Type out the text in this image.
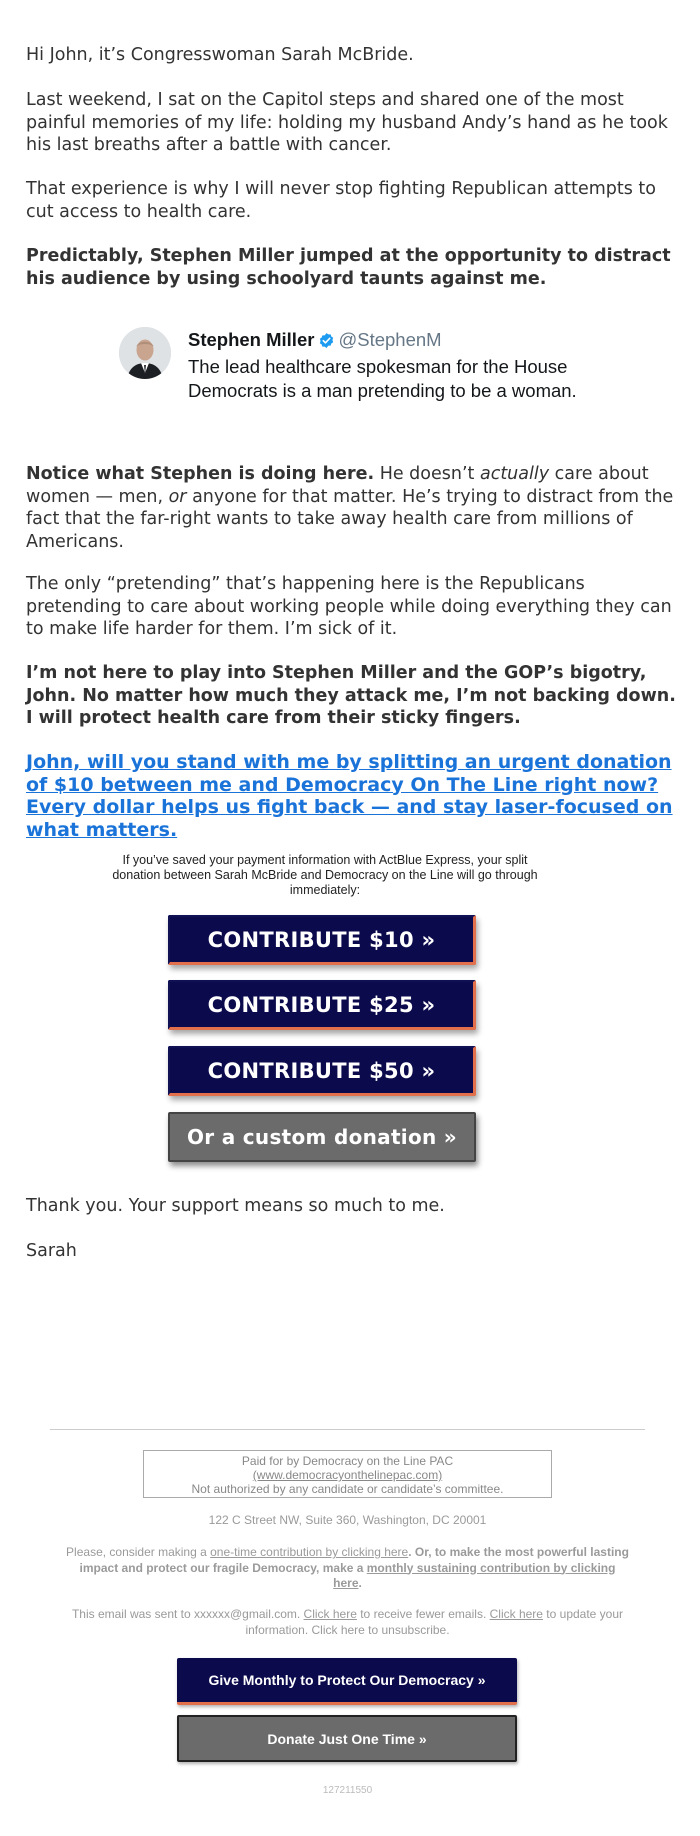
Hi John, it’s Congresswoman Sarah McBride.

Last weekend, I sat on the Capitol steps and shared one of the most painful memories of my life: holding my husband Andy’s hand as he took his last breaths after a battle with cancer.

That experience is why I will never stop fighting Republican attempts to cut access to health care.

Predictably, Stephen Miller jumped at the opportunity to distract his audience by using schoolyard taunts against me.

Stephen Miller @StephenM
The lead healthcare spokesman for the House Democrats is a man pretending to be a woman.

Notice what Stephen is doing here. He doesn’t actually care about women — men, or anyone for that matter. He’s trying to distract from the fact that the far-right wants to take away health care from millions of Americans.

The only “pretending” that’s happening here is the Republicans pretending to care about working people while doing everything they can to make life harder for them. I’m sick of it.

I’m not here to play into Stephen Miller and the GOP’s bigotry, John. No matter how much they attack me, I’m not backing down. I will protect health care from their sticky fingers.

John, will you stand with me by splitting an urgent donation of $10 between me and Democracy On The Line right now? Every dollar helps us fight back — and stay laser-focused on what matters.

Thank you. Your support means so much to me.

Sarah

If you’ve saved your payment information with ActBlue Express, your split donation between Sarah McBride and Democracy on the Line will go through immediately:
CONTRIBUTE $10 »
CONTRIBUTE $25 »
CONTRIBUTE $50 »
Or a custom donation »
Paid for by Democracy on the Line PAC
(www.democracyonthelinepac.com)
Not authorized by any candidate or candidate’s committee.
122 C Street NW, Suite 360, Washington, DC 20001
Please, consider making a one-time contribution by clicking here. Or, to make the most powerful lasting impact and protect our fragile Democracy, make a monthly sustaining contribution by clicking here.
This email was sent to xxxxxx@gmail.com. Click here to receive fewer emails. Click here to update your information. Click here to unsubscribe.
Give Monthly to Protect Our Democracy »
Donate Just One Time »
127211550
